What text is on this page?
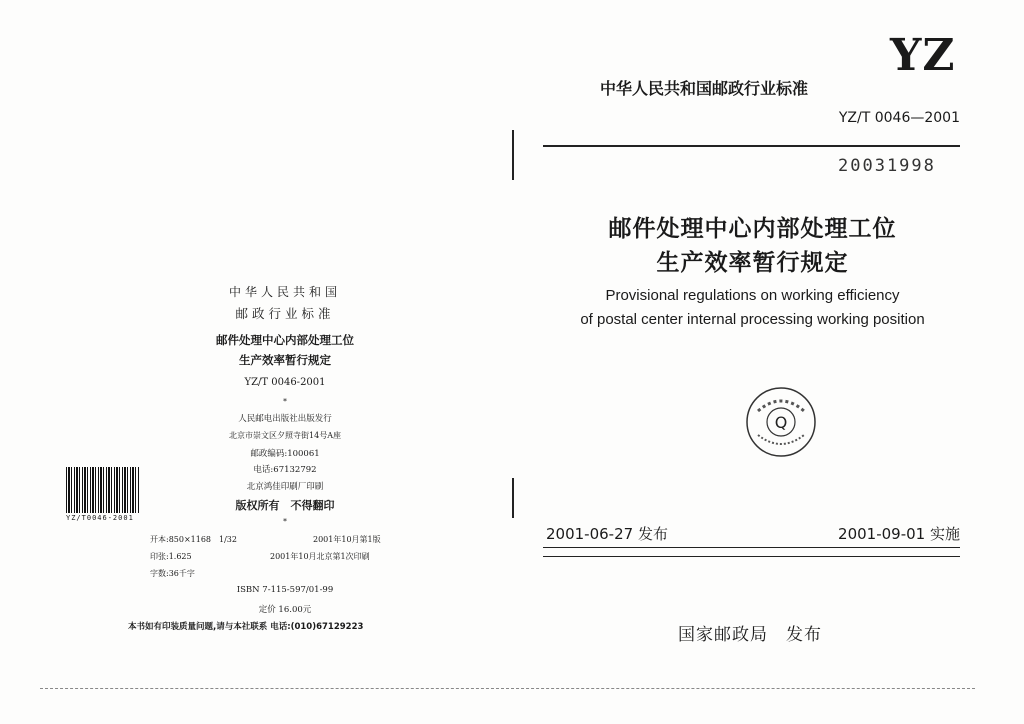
中华人民共和国
邮政行业标准
邮件处理中心内部处理工位
生产效率暂行规定
YZ/T 0046-2001
*
人民邮电出版社出版发行
北京市崇文区夕照寺街14号A座
邮政编码:100061
电话:67132792
北京鸿佳印刷厂印刷
版权所有　不得翻印
*
开本:850×1168　1/32	2001年10月第1版
印张:1.625	2001年10月北京第1次印刷
字数:36千字
ISBN 7-115-597/01-99
定价 16.00元
本书如有印装质量问题,请与本社联系 电话:(010)67129223
YZ/T0046-2001
YZ
中华人民共和国邮政行业标准
YZ/T 0046—2001
20031998
邮件处理中心内部处理工位
生产效率暂行规定
Provisional regulations on working efficiency
of postal center internal processing working position
Q
2001-06-27 发布	2001-09-01 实施
国家邮政局　发布
